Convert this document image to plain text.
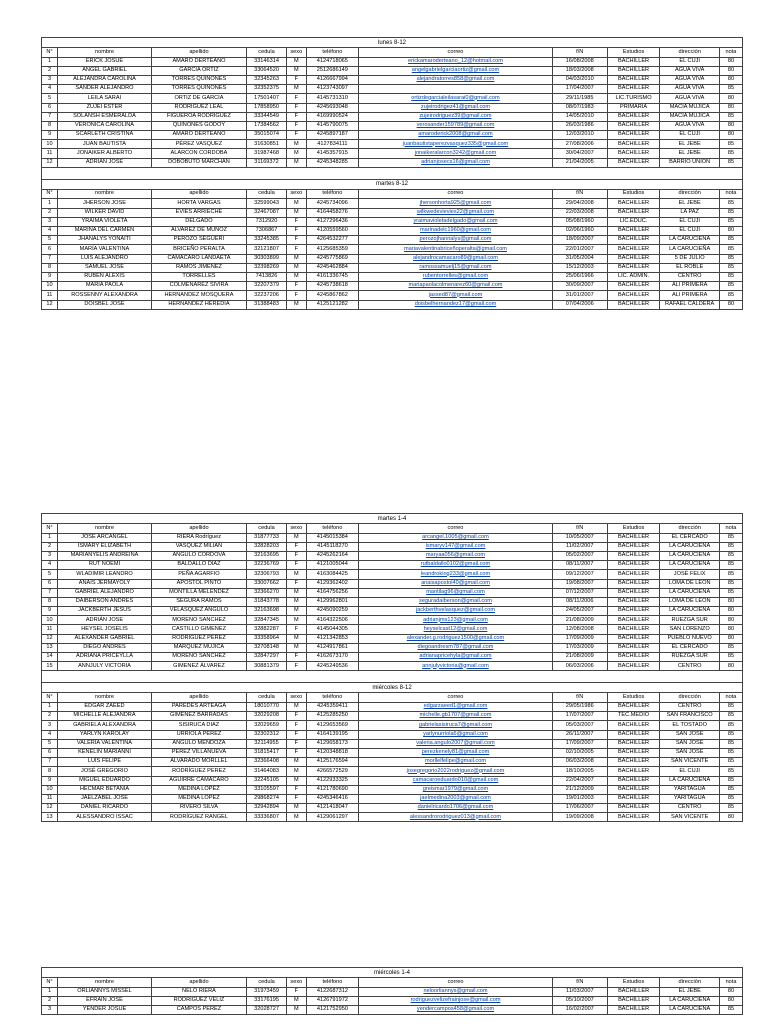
lunes 8-12										
N°	nombre	apellido	cedula	sexo	teléfono	correo	f/N	Estudios	dirección	nota
1	ERICK JOSUE	AMARO DERTEANO	33146314	M	4124718065	erickamaroderteano_12@hotmail.com	16/08/2008	BACHILLER	EL CUJI	80
2	ANGEL GABRIEL	GARCIA ORTIZ	33064520	M	2512686149	angelgabrielgarciaortiz@gmail.com	18/03/2008	BACHILLER	AGUA VIVA	80
3	ALEJANDRA CAROLINA	TORRES QUIÑONES	32345263	F	4126667994	alejandratorres858@gmail.com	04/03/2010	BACHILLER	AGUA VIVA	80
4	SANDER ALEJANDRO	TORRES QUIÑONES	32352375	M	4123743097		17/04/2007	BACHILLER	AGUA VIVA	85
5	LEILA SARAI	ORTIZ DE GARCIA	17501407	F	4145731310	ortizdegarcialeilasarai0@gmail.com	29/11/1985	LIC.TURISMO	AGUA VIVA	80
6	ZUJEI ESTER	RODRÍGUEZ LEAL	17858950	F	4245693048	zujeirodrigez41@gmail.com	08/07/1983	PRIMARIA	MACIA MUJICA	80
7	SOLANSH ESMERALDA	FIGUEROA RODRÍGUEZ	33344549	F	4169990524	zujeirodriguez39@gmail.com	14/05/2010	BACHILLER	MACIA MUJICA	85
8	VERONICA CAROLINA	QUIÑONES GODOY	17384562	F	4145790075	verosander159789@gmail.com	26/03/1986	BACHILLER	AGUA VIVA	80
9	SCARLETH CRISTINA	AMARO DERTEANO	35015074	F	4245897187	amaroderick2008@gmail.com	12/03/2010	BACHILLER	EL CUJI	80
10	JUAN BAUTISTA	PÉREZ VASQUEZ	31630851	M	4127834111	juanbautistaperezvasquez335@gmail.com	27/08/2006	BACHILLER	EL JEBE	85
11	JONAIKER ALBERTO	ALARCON CORDOBA	31987468	M	4145357915	jonaikeralarcon3242@gmail.com	30/04/2007	BACHILLER	EL JEBE	85
12	ADRIÁN JOSÉ	DOBOBUTO MARCHAN	31169372	M	4245348285	adrianjosecs16@gmail.com	21/04/2005	BACHILLER	BARRIO UNION	85

martes 8-12										
N°	nombre	apellido	cedula	sexo	teléfono	correo	f/N	Estudios	dirección	nota
1	JHERSON JOSE	HORTA VARGAS	32599043	M	4245734096	jhersonhorta925@gmail.com	29/04/2008	BACHILLER	EL JEBE	85
2	WILKER DAVID	EVIES ARRIECHE	32467087	M	4164458276	wilkwedevievies22@gmail.com	22/03/2008	BACHILLER	LA PAZ	85
3	YRAIMA VIOLETA	DELGADO	7312920	F	4127296436	yraimavioletadelgado@gmail.com	05/08/1960	LIC.EDUC.	EL CUJI	85
4	MARINA DEL CARMEN	ALVAREZ DE MUÑOZ	7306867	F	4120559560	marinadelc1960@gmail.com	02/06/1960	BACHILLER	EL CUJI	80
5	JHANALYS YONAITI	PEROZO SEGUERI	33245385	F	4264532277	perozojhannalys@gmail.com	18/09/2007	BACHILLER	LA CARUCIEÑA	85
6	MARÍA VALENTINA	BRICEÑO PERALTA	32121807	F	4125685359	mariavalentinabriceñoperalta@gmail.com	22/01/2007	BACHILLER	LA CARUCIEÑA	85
7	LUIS ALEJANDRO	CAMACARO LANDAETA	30303899	M	4245775869	alejandrocamacaro89@gmail.com	31/05/2004	BACHILLER	5 DE JULIO	85
8	SAMUEL JOSÉ	RAMOS JIMÉNEZ	32398269	M	4245462884	ramossamuelj15@gmail.com	15/12/2003	BACHILLER	EL ROBLE	85
9	RUBEN ALEXIS	TORRELLES	7413826	M	4161336745	rubentorrelles@gmail.com	25/06/1966	LIC. ADMIN.	CENTRO	85
10	MARÍA PAOLA	COLMENAREZ SIVIRA	32207379	F	4245738618	mariapaolacolmenarez60@gmail.com	30/09/2007	BACHILLER	ALI PRIMERA	85
11	ROSSENNY ALEXANDRA	HERNANDEZ MOSQUERA	32237206	F	4245867862	jassed87@gmail.com	31/01/2007	BACHILLER	ALI PRIMERA	85
12	DOISBEL JOSÉ	HERNANDEZ HEREDIA	31388483	M	4125121282	doisbelhernandez17@gmail.com	07/04/2006	BACHILLER	RAFAEL CALDERA	80
martes 1-4										
N°	nombre	apellido	cedula	sexo	teléfono	correo	f/N	Estudios	dirección	nota
1	JOSÉ ARCANGEL	RIERA Rodríguez	31877733	M	4145015384	arcangel.1005@gmail.com	10/05/2007	BACHILLER	EL CERCADO	85
2	ISMARY ELIZABETH	VASQUEZ MILIAN	32828203	F	4145118270	ismaryv147@gmail.com	11/02/2007	BACHILLER	LA CARUCIEÑA	85
3	MARIANYELIS ANDREINA	ANGULO CORDOVA	32163695	F	4245262164	maryaa056@gmail.com	05/02/2007	BACHILLER	LA CARUCIEÑA	85
4	RUT NOEMI	BALDALLO DIAZ	32236769	F	4121005044	rutbaldallo0102@gmail.com	08/11/2007	BACHILLER	LA CARUCIEÑA	85
5	WLADIMIR LEANDRO	PEÑA AGARFIO	32306793	M	4163084425	leandroking233@gmail.com	09/12/2007	BACHILLER	JOSÉ FELIX	85
6	ANAIS JERMAYOLY	APOSTOL PINTO	33007662	F	4129362402	anaisapostol40@gmail.com	19/08/2007	BACHILLER	LOMA DE LEON	85
7	GABRIEL ALEJANDRO	MONTILLA MELÉNDEZ	32366270	M	4164756256	mantilag96@gmail.com	07/12/2007	BACHILLER	LA CARUCIEÑA	85
8	DAIBERSON ANDRES	SEGURA RAMOS	31843778	M	4129962801	seguradaiberson@gmail.com	08/11/2006	BACHILLER	LOMA DE LEON	80
9	JACKBERTH JESUS	VELASQUEZ ANGULO	32163698	M	4245090259	jackberthvelasquez@gmail.com	24/05/2007	BACHILLER	LA CARUCIEÑA	80
10	ADRIÁN JOSE	MORENO SANCHEZ	32847345	M	4164322506	adrianjms123@gmail.com	21/08/2009	BACHILLER	RUEZGA SUR	80
11	HEYSEL JOSELIS	CASTILLO GIMENEZ	32882287	F	4145044305	heyselcast12@gmail.com	12/08/2008	BACHILLER	SAN LORENZO	80
12	ALEXANDER GABRIEL	RODRÍGUEZ PEREZ	33358964	M	4121342853	alexander.g.rodriguez1500@gmail.com	17/09/2009	BACHILLER	PUEBLO NUEVO	80
13	DIEGO ANDRES	MARQUEZ MUJICA	32708148	M	4124917861	diegoandresm787@gmail.com	17/03/2009	BACHILLER	EL CERCADO	85
14	ADRIANA PRICEYLLA	MORENO SANCHEZ	32847297	F	4162673170	adrianapricehyla@gmail.com	21/08/2009	BACHILLER	RUEZGA SUR	85
15	ANNJULY VICTORIA	GIMENEZ ÁLVAREZ	30881379	F	4245249536	annjulyvictoria@gmail.com	06/03/2006	BACHILLER	CENTRO	80

miércoles 8-12										
N°	nombre	apellido	cedula	sexo	teléfono	correo	f/N	Estudios	dirección	nota
1	EDGAR ZAEED	PAREDES ARTEAGA	18010770	M	4245359411	edgarzaeed1@gmail.com	29/05/1986	BACHILLER	CENTRO	85
2	MICHELLE ALEJANDRA	GIMENEZ BARRADAS	32029208	F	4125285250	michelle.gb1707@gmail.com	17/07/2007	TEC.MEDIO	SAN FRANCISCO	85
3	GABRIELA ALEXANDRA	SISIRUCA DIAZ	32029659	F	4129653569	gabrielasisiruca7@gmail.com	05/03/2007	BACHILLER	EL TOSTADO	85
4	YARLYN KAROLAY	URRIOLA PÉREZ	32302312	F	4164139195	yarlynurriola6@gmail.com	26/11/2007	BACHILLER	SAN JOSÉ	85
5	VALERIA VALENTINA	ANGULO MENDOZA	32114955	F	4129658173	valeria.angulo2007@gmail.com	17/09/2007	BACHILLER	SAN JOSÉ	85
6	KENELIN MARIANNI	PÉREZ VILLANUEVA	31815417	F	4120348818	perezkenely81@gmail.com	02/10/2005	BACHILLER	SAN JOSÉ	85
7	LUIS FELIPE	ALVARADO MORLLEL	32366408	M	4125176594	morllelfelipe@gmail.com	06/03/2008	BACHILLER	SAN VICENTE	85
8	JOSÉ GREGORIO	RODRÍGUEZ PEREZ	31464083	M	4266572529	josegregorio2022rodriguez@gmail.com	18/10/2005	BACHILLER	EL CUJI	85
9	MIGUEL EDUARDO	AGUIRRE CAMACARO	32245105	M	4122933325	camacaroeduardo010@gmail.com	22/04/2007	BACHILLER	LA CARUCIEÑA	85
10	HECMAR BETANIA	MEDINA LÓPEZ	33105597	F	4121780690	greismar1979@gmail.com	21/12/2009	BACHILLER	YARITAGUA	85
11	JAELZABEL JOSÉ	MEDINA LÓPEZ	29868274	F	4245346416	jaelmedina2003@gmail.com	19/01/2003	BACHILLER	YARITAGUA	85
12	DANIEL RICARDO	RIVERO SILVA	32942894	M	4121418047	danielricardo1706@gmail.com	17/06/2007	BACHILLER	CENTRO	85
13	ALESSANDRO ISSAC	RODRÍGUEZ RANGEL	33336807	M	4129061297	alessandrorodriguez013@gmail.com	19/09/2008	BACHILLER	SAN VICENTE	80
miércoles 1-4										
N°	nombre	apellido	cedula	sexo	teléfono	correo	f/N	Estudios	dirección	nota
1	ORLIANNYS MISSEL	NELO RIERA	31973459	F	4122687312	neloorliannys@gmail.com	11/03/2007	BACHILLER	EL JEBE	80
2	EFRAIN JOSÉ	RODRÍGUEZ VELIZ	33176195	M	4126791972	rodriguezvelizefrainjose@gmail.com	05/10/2007	BACHILLER	LA CARUCIEÑA	80
3	YENDER JOSUE	CAMPOS PÉREZ	32028727	M	4121752950	yendercampos458@gmail.com	16/02/2007	BACHILLER	LA CARUCIEÑA	85
